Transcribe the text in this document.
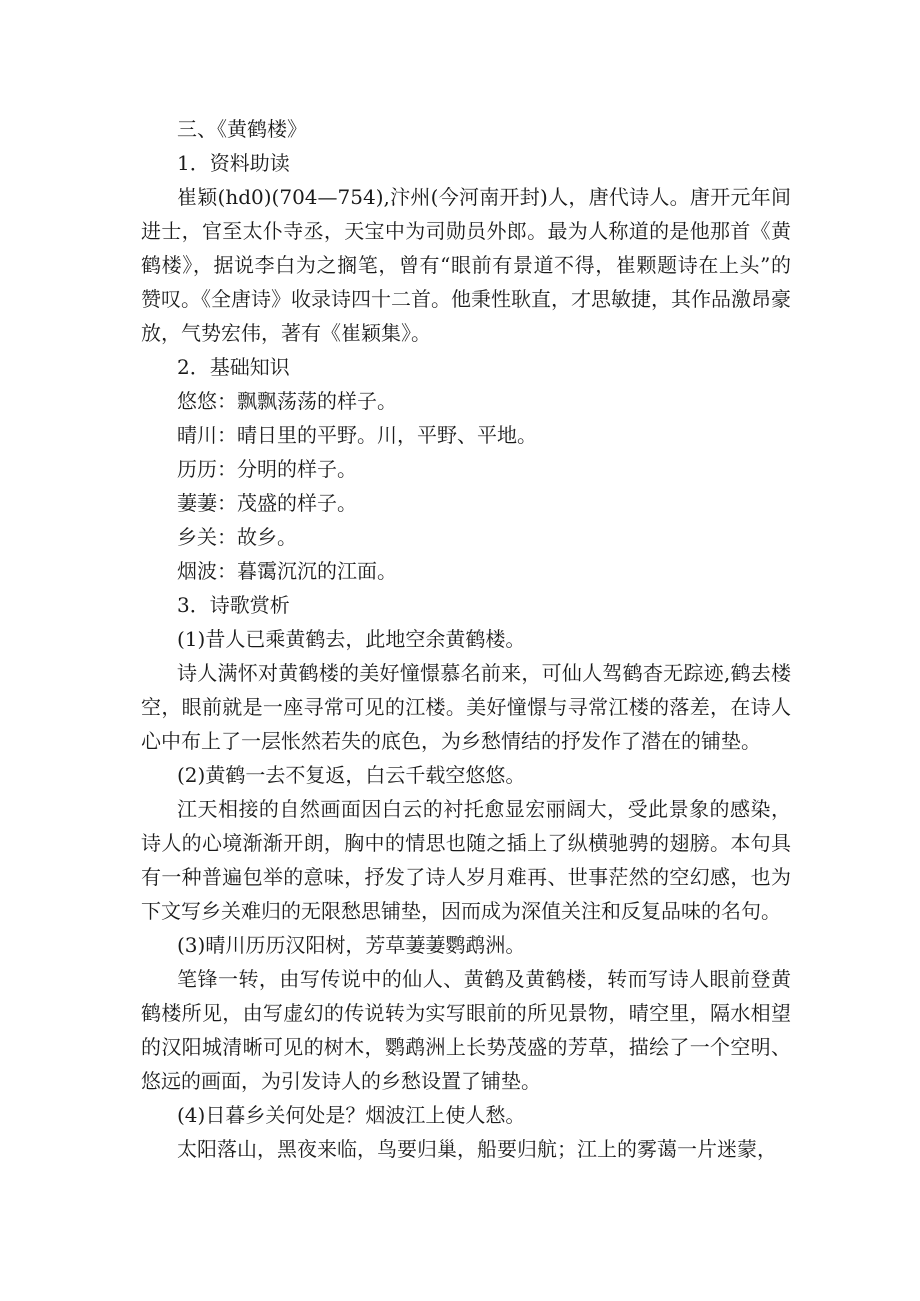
三、《黄鹤楼》
1．资料助读
崔颖(hd0)(704—754),汴州(今河南开封)人，唐代诗人。唐开元年间进士，官至太仆寺丞，天宝中为司勋员外郎。最为人称道的是他那首《黄鹤楼》，据说李白为之搁笔，曾有“眼前有景道不得，崔颗题诗在上头”的赞叹。《全唐诗》收录诗四十二首。他秉性耿直，才思敏捷，其作品激昂豪放，气势宏伟，著有《崔颖集》。
2．基础知识
悠悠：飘飘荡荡的样子。
晴川：晴日里的平野。川，平野、平地。
历历：分明的样子。
萋萋：茂盛的样子。
乡关：故乡。
烟波：暮霭沉沉的江面。
3．诗歌赏析
(1)昔人已乘黄鹤去，此地空余黄鹤楼。
诗人满怀对黄鹤楼的美好憧憬慕名前来，可仙人驾鹤杳无踪迹,鹤去楼空，眼前就是一座寻常可见的江楼。美好憧憬与寻常江楼的落差，在诗人心中布上了一层怅然若失的底色，为乡愁情结的抒发作了潜在的铺垫。
(2)黄鹤一去不复返，白云千载空悠悠。
江天相接的自然画面因白云的衬托愈显宏丽阔大，受此景象的感染，诗人的心境渐渐开朗，胸中的情思也随之插上了纵横驰骋的翅膀。本句具有一种普遍包举的意味，抒发了诗人岁月难再、世事茫然的空幻感，也为下文写乡关难归的无限愁思铺垫，因而成为深值关注和反复品味的名句。
(3)晴川历历汉阳树，芳草萋萋鹦鹉洲。
笔锋一转，由写传说中的仙人、黄鹤及黄鹤楼，转而写诗人眼前登黄鹤楼所见，由写虚幻的传说转为实写眼前的所见景物，晴空里，隔水相望的汉阳城清晰可见的树木，鹦鹉洲上长势茂盛的芳草，描绘了一个空明、悠远的画面，为引发诗人的乡愁设置了铺垫。
(4)日暮乡关何处是？烟波江上使人愁。
太阳落山，黑夜来临，鸟要归巢，船要归航；江上的雾蔼一片迷蒙，
